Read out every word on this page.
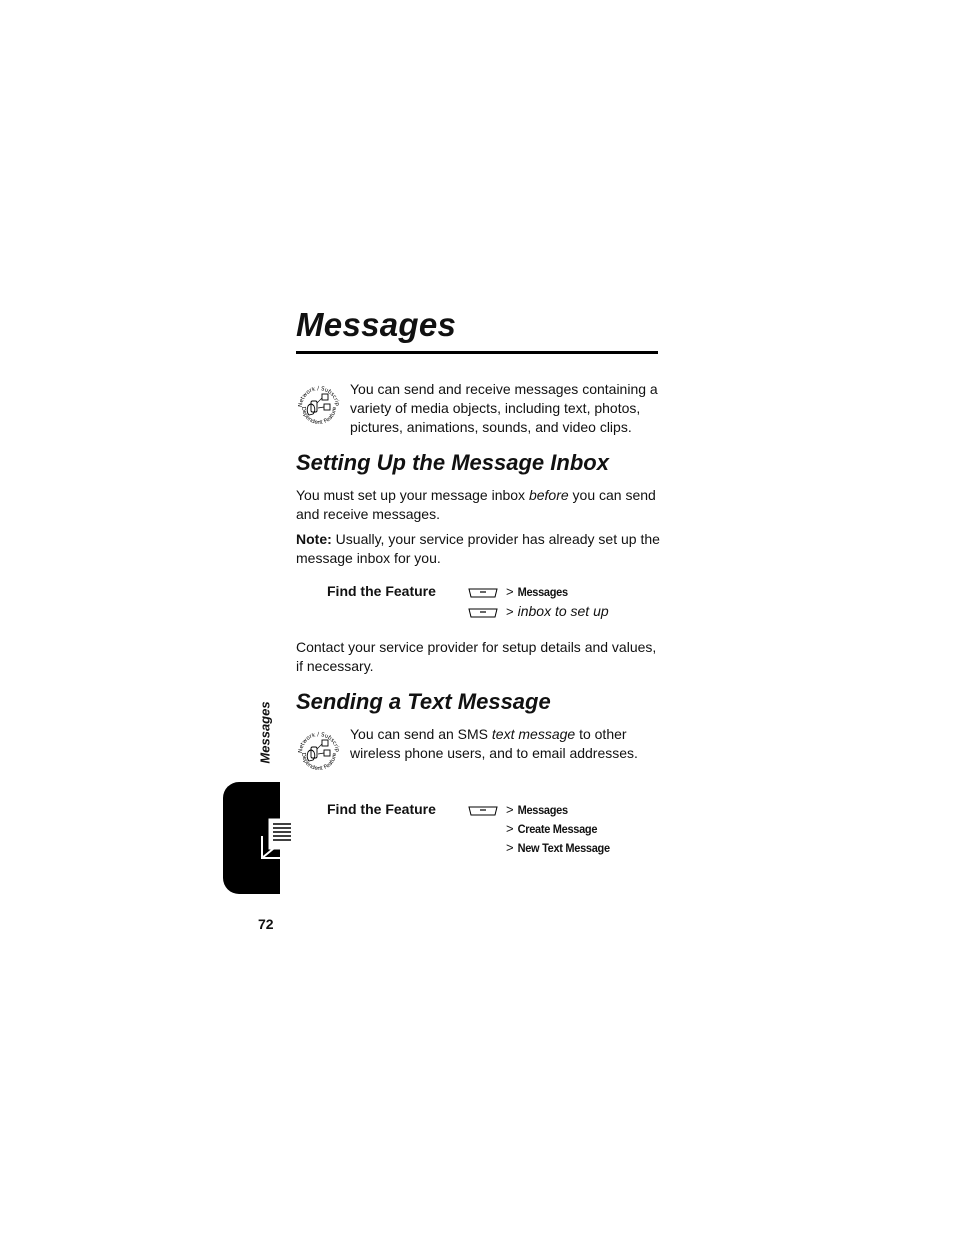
Messages
Network / Subscrip
Dependent Feature

You can send and receive messages containing a variety of media objects, including text, photos, pictures, animations, sounds, and video clips.

Setting Up the Message Inbox

You must set up your message inbox before you can send and receive messages.

Note: Usually, your service provider has already set up the message inbox for you.

Find the Feature	> Messages
> inbox to set up

Contact your service provider for setup details and values, if necessary.

Sending a Text Message
Network / Subscrip
Dependent Feature

You can send an SMS text message to other wireless phone users, and to email addresses.

Find the Feature	> Messages
> Create Message
> New Text Message
Messages
72
